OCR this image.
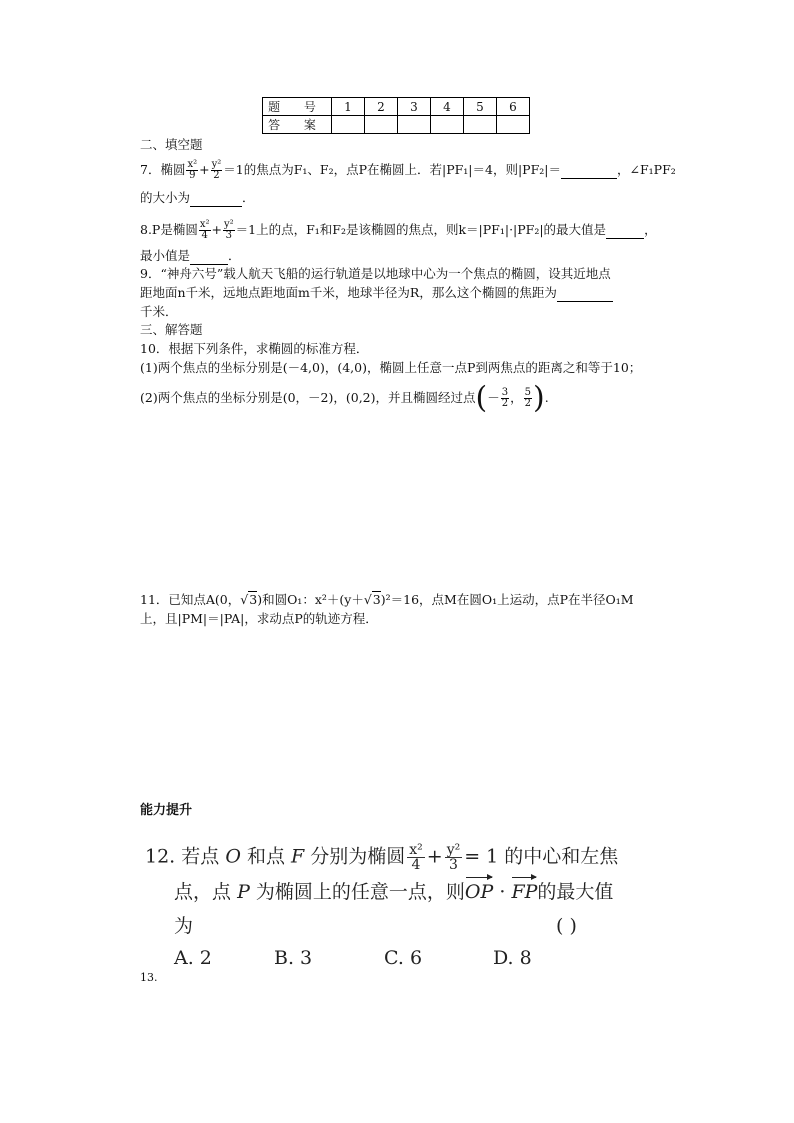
题 号	1	2	3	4	5	6
答 案						
二、填空题
7．椭圆 $\frac{\text{x²}}{9} + \frac{\text{y²}}{2} =1$的焦点为F₁、F₂，点P在椭圆上．若|PF₁|＝4，则|PF₂|＝	，∠F₁PF₂
的大小为	．
8.P是椭圆 $\frac{\text{x²}}{4} + \frac{\text{y²}}{3} =1$上的点，F₁和F₂是该椭圆的焦点，则k＝|PF₁|·|PF₂|的最大值是	，
最小值是	．
9．“神舟六号”载人航天飞船的运行轨道是以地球中心为一个焦点的椭圆，设其近地点
距地面n千米，远地点距地面m千米，地球半径为R，那么这个椭圆的焦距为
千米．
三、解答题
10．根据下列条件，求椭圆的标准方程．
(1)两个焦点的坐标分别是(－4,0)，(4,0)，椭圆上任意一点P到两焦点的距离之和等于10；
(2)两个焦点的坐标分别是(0，－2)，(0,2)，并且椭圆经过点(－ $\frac{3}{2}$ ， $\frac{5}{2}$ ).
11．已知点A(0，√3)和圆O₁：x²＋(y＋√3)²＝16，点M在圆O₁上运动，点P在半径O₁M
上，且|PM|＝|PA|，求动点P的轨迹方程．
能力提升
12. 若点 O 和点 F 分别为椭圆 $\frac{\text{x²}}{4} + \frac{\text{y²}}{3} = 1$ 的中心和左焦
点，点 P 为椭圆上的任意一点，则OP · FP的最大值
为	( )
A. 2	B. 3	C. 6	D. 8
13.
